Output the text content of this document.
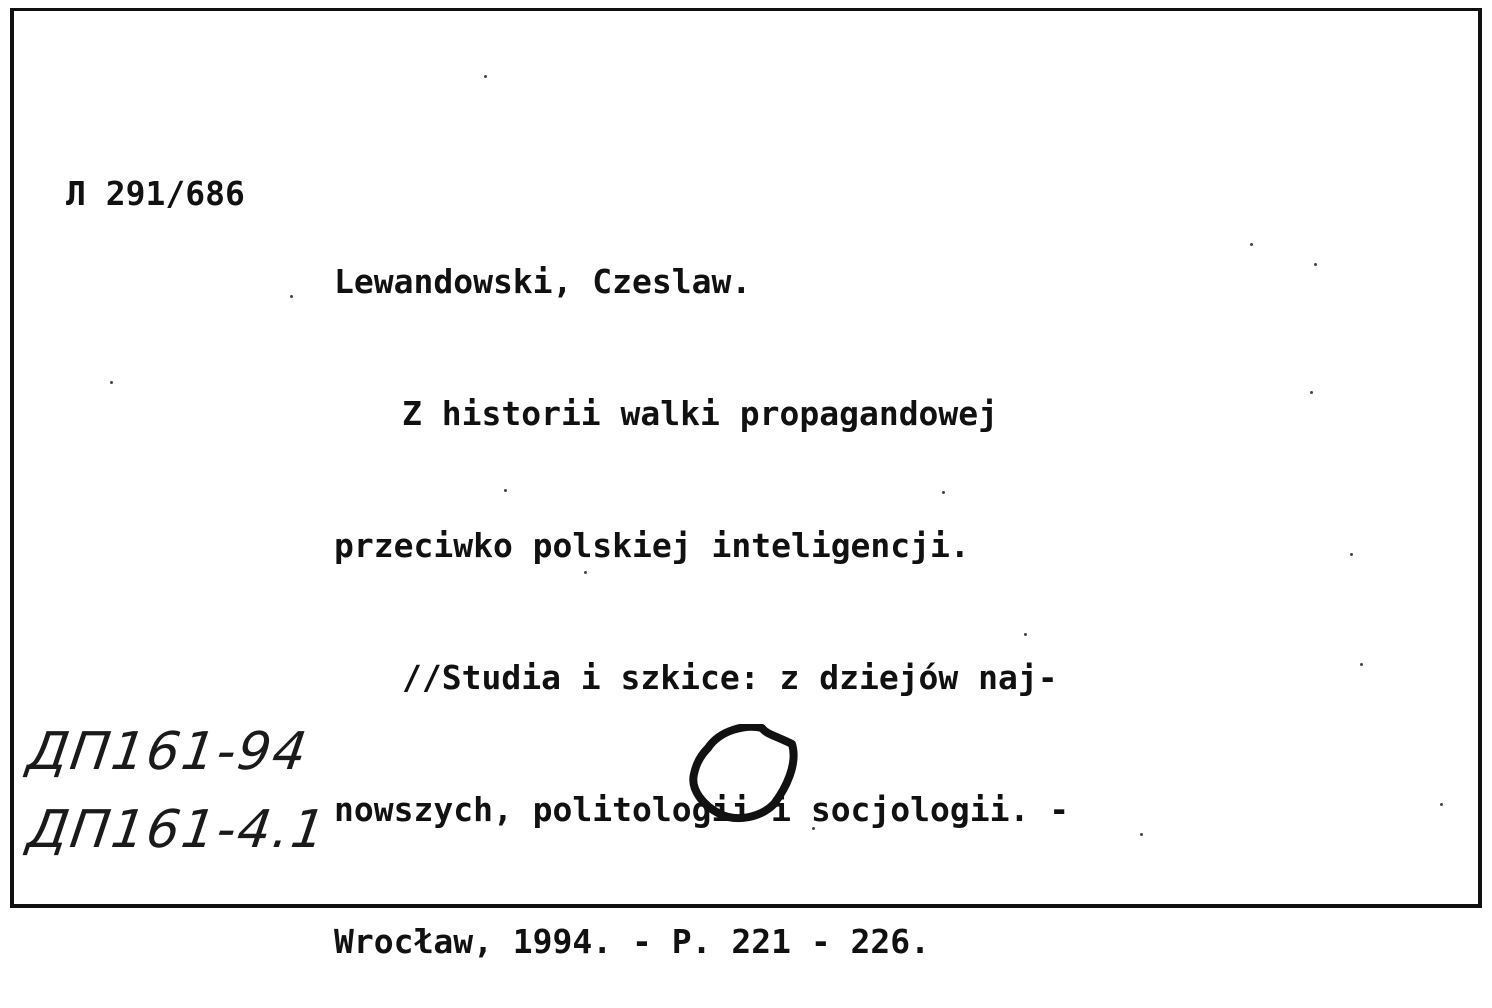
Л 291/686

Lewandowski, Czeslaw.

Z historii walki propagandowej

przeciwko polskiej inteligencji.

//Studia i szkice: z dziejów naj-

nowszych, politologii i socjologii. -

Wrocław, 1994. - P. 221 - 226.

ДП161-94
ДП161-4.1
